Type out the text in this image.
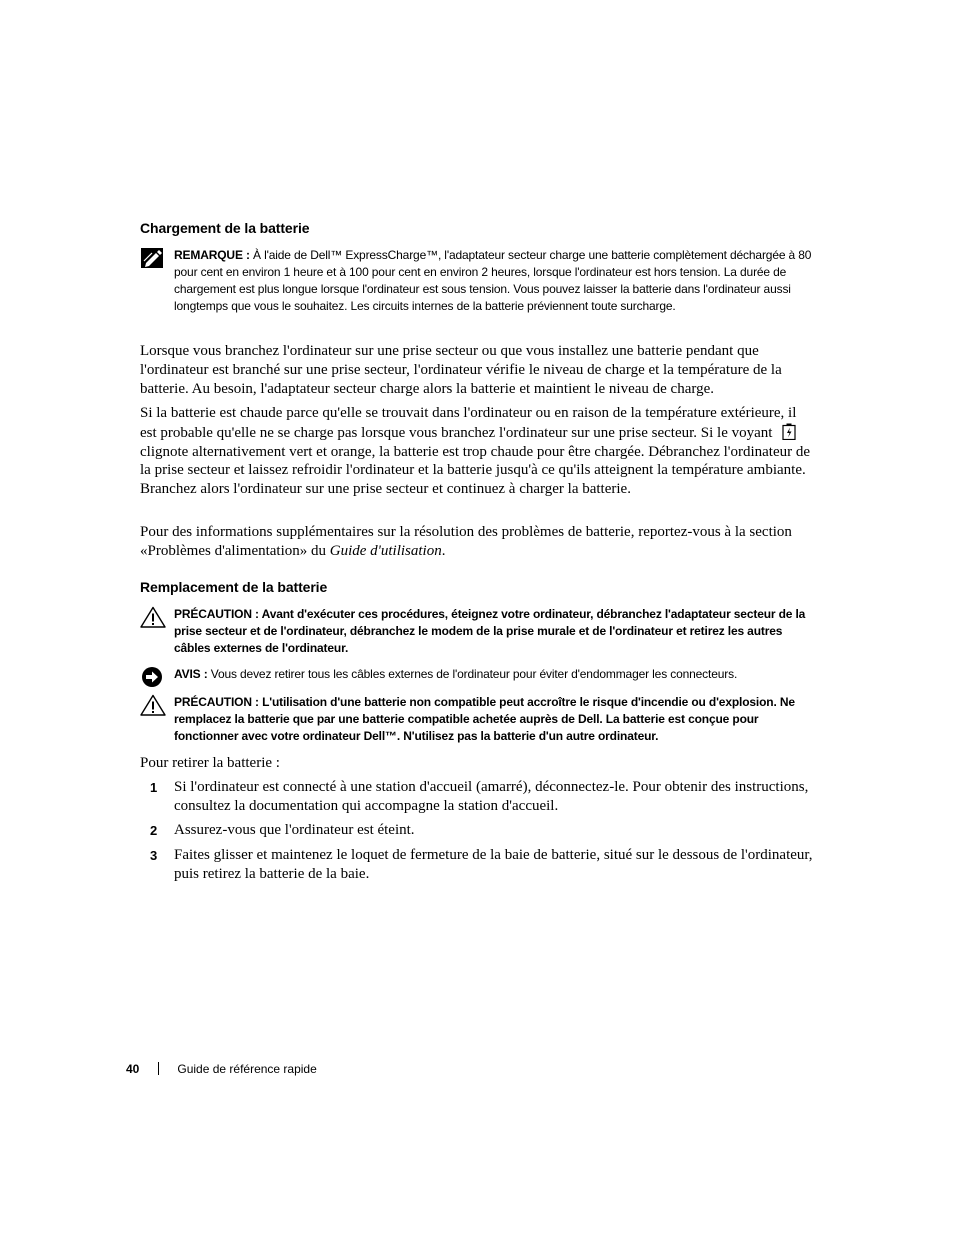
Chargement de la batterie
REMARQUE : À l'aide de Dell™ ExpressCharge™, l'adaptateur secteur charge une batterie complètement déchargée à 80 pour cent en environ 1 heure et à 100 pour cent en environ 2 heures, lorsque l'ordinateur est hors tension. La durée de chargement est plus longue lorsque l'ordinateur est sous tension. Vous pouvez laisser la batterie dans l'ordinateur aussi longtemps que vous le souhaitez. Les circuits internes de la batterie préviennent toute surcharge.

Lorsque vous branchez l'ordinateur sur une prise secteur ou que vous installez une batterie pendant que l'ordinateur est branché sur une prise secteur, l'ordinateur vérifie le niveau de charge et la température de la batterie. Au besoin, l'adaptateur secteur charge alors la batterie et maintient le niveau de charge.

Si la batterie est chaude parce qu'elle se trouvait dans l'ordinateur ou en raison de la température extérieure, il est probable qu'elle ne se charge pas lorsque vous branchez l'ordinateur sur une prise secteur. Si le voyantclignote alternativement vert et orange, la batterie est trop chaude pour être chargée. Débranchez l'ordinateur de la prise secteur et laissez refroidir l'ordinateur et la batterie jusqu'à ce qu'ils atteignent la température ambiante. Branchez alors l'ordinateur sur une prise secteur et continuez à charger la batterie.

Pour des informations supplémentaires sur la résolution des problèmes de batterie, reportez-vous à la section «Problèmes d'alimentation» du Guide d'utilisation.

Remplacement de la batterie
PRÉCAUTION : Avant d'exécuter ces procédures, éteignez votre ordinateur, débranchez l'adaptateur secteur de la prise secteur et de l'ordinateur, débranchez le modem de la prise murale et de l'ordinateur et retirez les autres câbles externes de l'ordinateur.
AVIS : Vous devez retirer tous les câbles externes de l'ordinateur pour éviter d'endommager les connecteurs.
PRÉCAUTION : L'utilisation d'une batterie non compatible peut accroître le risque d'incendie ou d'explosion. Ne remplacez la batterie que par une batterie compatible achetée auprès de Dell. La batterie est conçue pour fonctionner avec votre ordinateur Dell™. N'utilisez pas la batterie d'un autre ordinateur.

Pour retirer la batterie :

1 Si l'ordinateur est connecté à une station d'accueil (amarré), déconnectez-le. Pour obtenir des instructions, consultez la documentation qui accompagne la station d'accueil.
2 Assurez-vous que l'ordinateur est éteint.
3 Faites glisser et maintenez le loquet de fermeture de la baie de batterie, situé sur le dessous de l'ordinateur, puis retirez la batterie de la baie.
40	Guide de référence rapide
